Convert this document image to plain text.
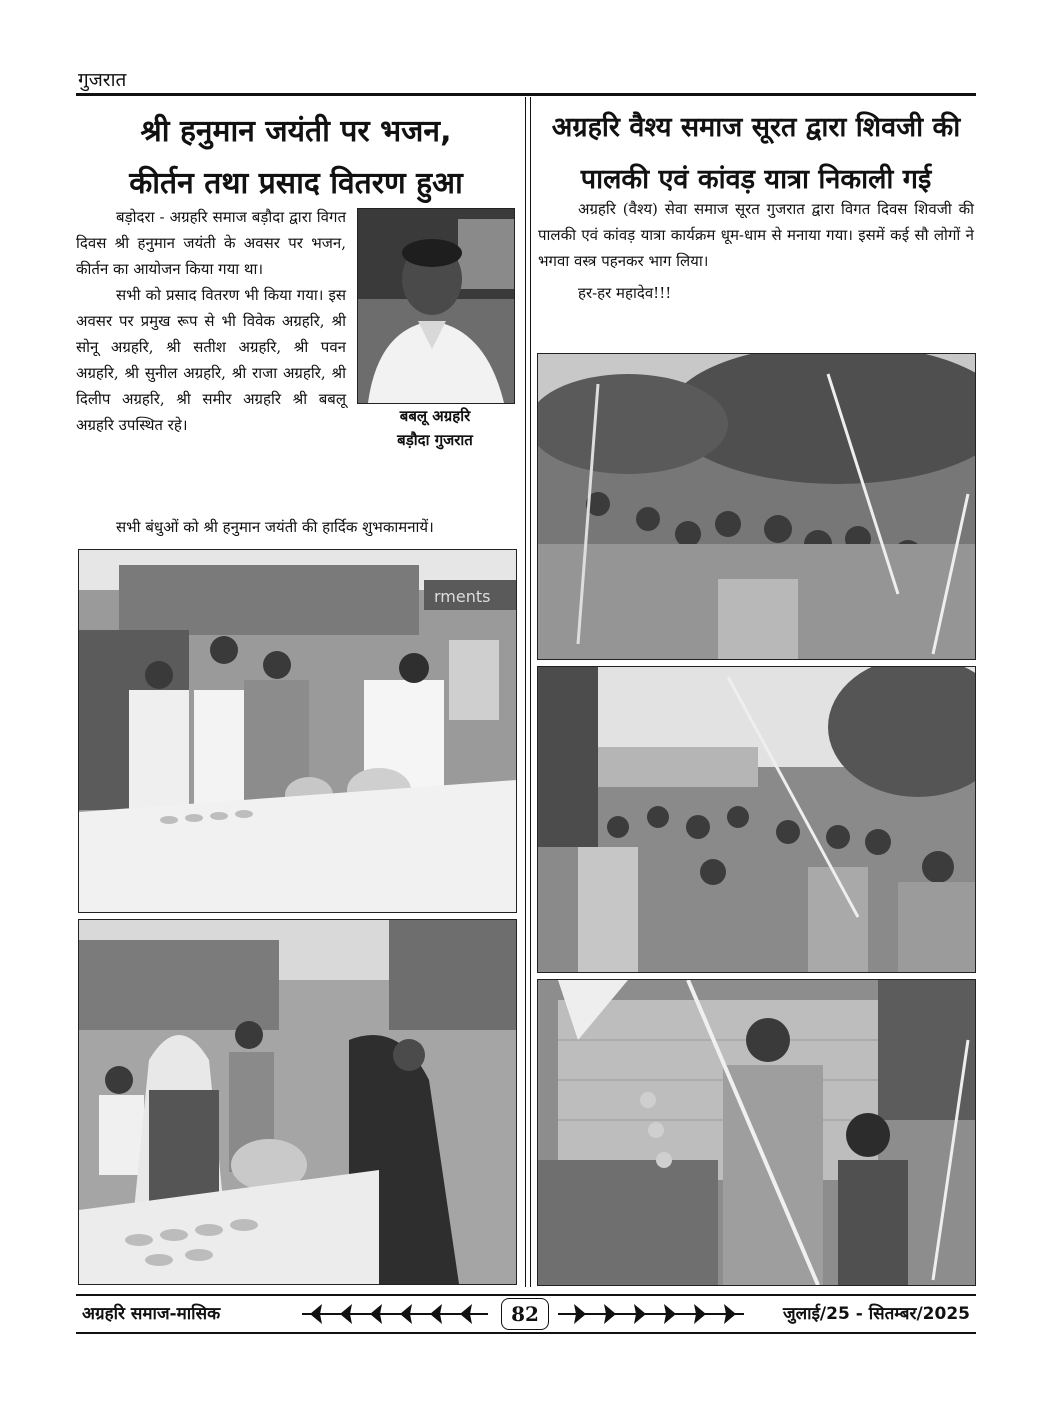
गुजरात
श्री हनुमान जयंती पर भजन,
कीर्तन तथा प्रसाद वितरण हुआ

बड़ोदरा - अग्रहरि समाज बड़ौदा द्वारा विगत दिवस श्री हनुमान जयंती के अवसर पर भजन, कीर्तन का आयोजन किया गया था।

सभी को प्रसाद वितरण भी किया गया। इस अवसर पर प्रमुख रूप से भी विवेक अग्रहरि, श्री सोनू अग्रहरि, श्री सतीश अग्रहरि, श्री पवन अग्रहरि, श्री सुनील अग्रहरि, श्री राजा अग्रहरि, श्री दिलीप अग्रहरि, श्री समीर अग्रहरि श्री बबलू अग्रहरि उपस्थित रहे।

सभी बंधुओं को श्री हनुमान जयंती की हार्दिक शुभकामनायें।

बबलू अग्रहरि
बड़ौदा गुजरात
rments
अग्रहरि वैश्य समाज सूरत द्वारा शिवजी की
पालकी एवं कांवड़ यात्रा निकाली गई

अग्रहरि (वैश्य) सेवा समाज सूरत गुजरात द्वारा विगत दिवस शिवजी की पालकी एवं कांवड़ यात्रा कार्यक्रम धूम-धाम से मनाया गया। इसमें कई सौ लोगों ने भगवा वस्त्र पहनकर भाग लिया।

हर-हर महादेव!!!

अग्रहरि समाज-मासिक	82	जुलाई/25 - सितम्बर/2025
